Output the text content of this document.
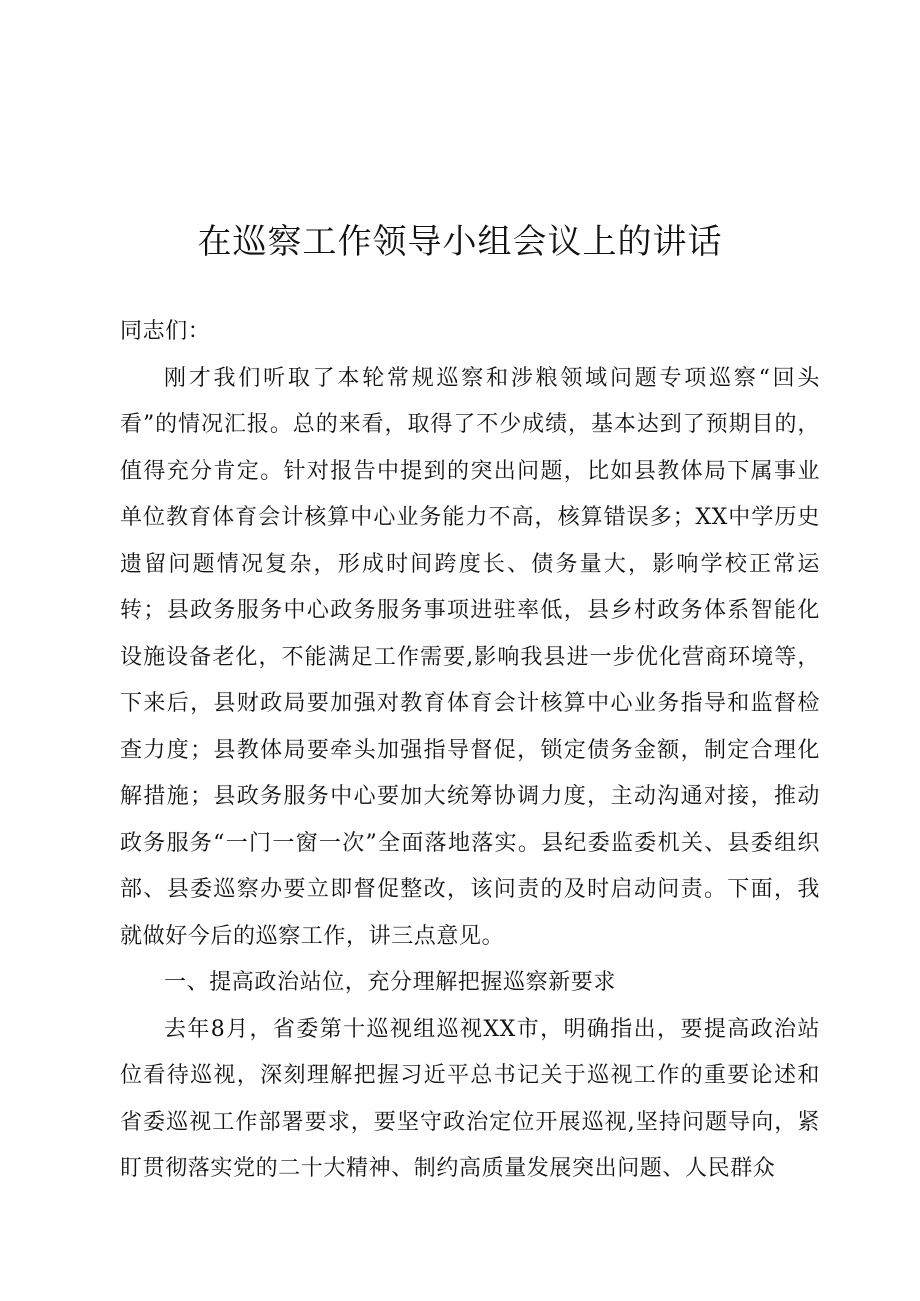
在巡察工作领导小组会议上的讲话

同志们：

刚才我们听取了本轮常规巡察和涉粮领域问题专项巡察“回头看”的情况汇报。总的来看，取得了不少成绩，基本达到了预期目的，值得充分肯定。针对报告中提到的突出问题，比如县教体局下属事业单位教育体育会计核算中心业务能力不高，核算错误多；XX中学历史遗留问题情况复杂，形成时间跨度长、债务量大，影响学校正常运转；县政务服务中心政务服务事项进驻率低，县乡村政务体系智能化设施设备老化，不能满足工作需要,影响我县进一步优化营商环境等，下来后，县财政局要加强对教育体育会计核算中心业务指导和监督检查力度；县教体局要牵头加强指导督促，锁定债务金额，制定合理化解措施；县政务服务中心要加大统筹协调力度，主动沟通对接，推动政务服务“一门一窗一次”全面落地落实。县纪委监委机关、县委组织部、县委巡察办要立即督促整改，该问责的及时启动问责。下面，我就做好今后的巡察工作，讲三点意见。

一、提高政治站位，充分理解把握巡察新要求

去年8月，省委第十巡视组巡视XX市，明确指出，要提高政治站位看待巡视，深刻理解把握习近平总书记关于巡视工作的重要论述和省委巡视工作部署要求，要坚守政治定位开展巡视,坚持问题导向，紧盯贯彻落实党的二十大精神、制约高质量发展突出问题、人民群众
